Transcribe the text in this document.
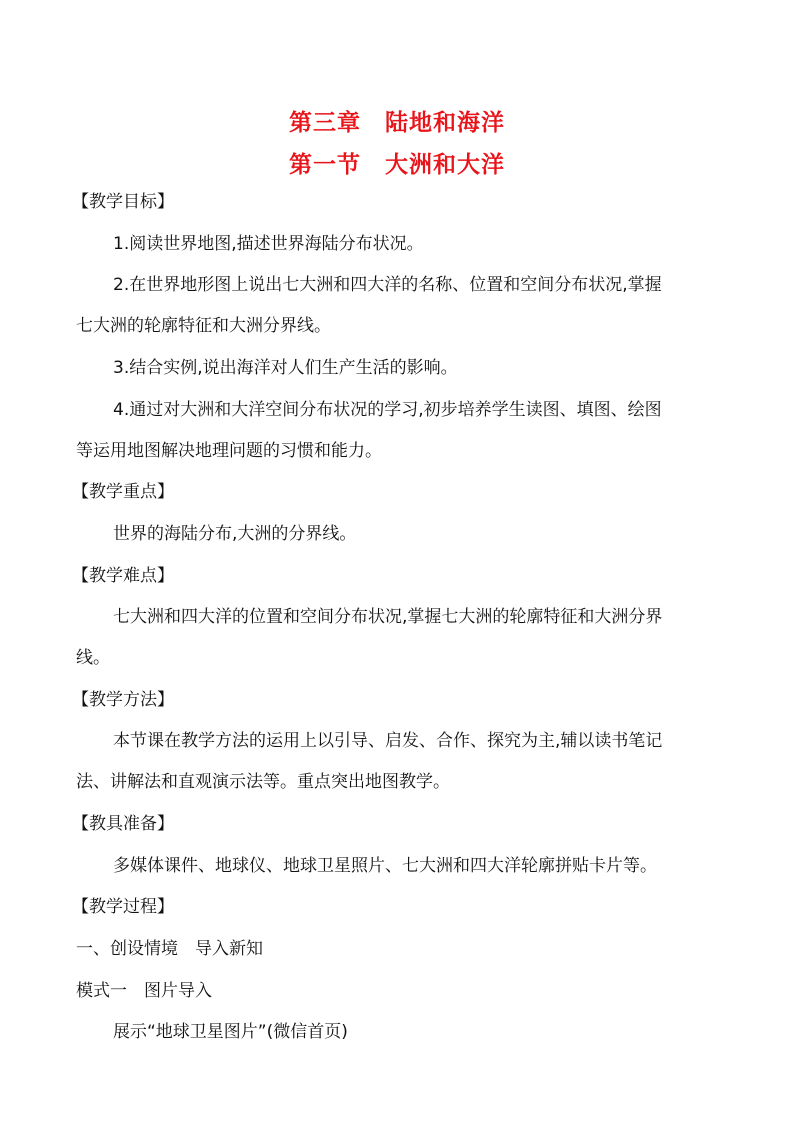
第三章　陆地和海洋
第一节　大洲和大洋
【教学目标】
1.阅读世界地图,描述世界海陆分布状况。
2.在世界地形图上说出七大洲和四大洋的名称、位置和空间分布状况,掌握
七大洲的轮廓特征和大洲分界线。
3.结合实例,说出海洋对人们生产生活的影响。
4.通过对大洲和大洋空间分布状况的学习,初步培养学生读图、填图、绘图
等运用地图解决地理问题的习惯和能力。
【教学重点】
世界的海陆分布,大洲的分界线。
【教学难点】
七大洲和四大洋的位置和空间分布状况,掌握七大洲的轮廓特征和大洲分界
线。
【教学方法】
本节课在教学方法的运用上以引导、启发、合作、探究为主,辅以读书笔记
法、讲解法和直观演示法等。重点突出地图教学。
【教具准备】
多媒体课件、地球仪、地球卫星照片、七大洲和四大洋轮廓拼贴卡片等。
【教学过程】
一、创设情境　导入新知
模式一　图片导入
展示“地球卫星图片”(微信首页)
